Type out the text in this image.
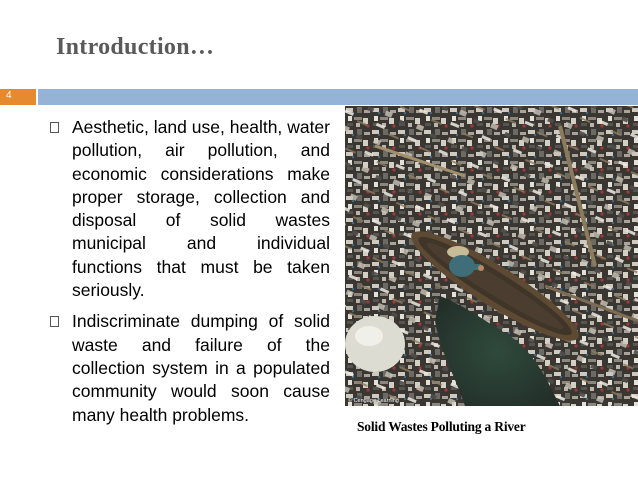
Introduction…
4
Aesthetic, land use, health, water pollution, air pollution, and economic considerations make proper storage, collection and disposal of solid wastes municipal and individual functions that must be taken seriously.
Indiscriminate dumping of solid waste and failure of the collection system in a populated community would soon cause many health problems.
© Cengage Learning
Solid Wastes Polluting a River
